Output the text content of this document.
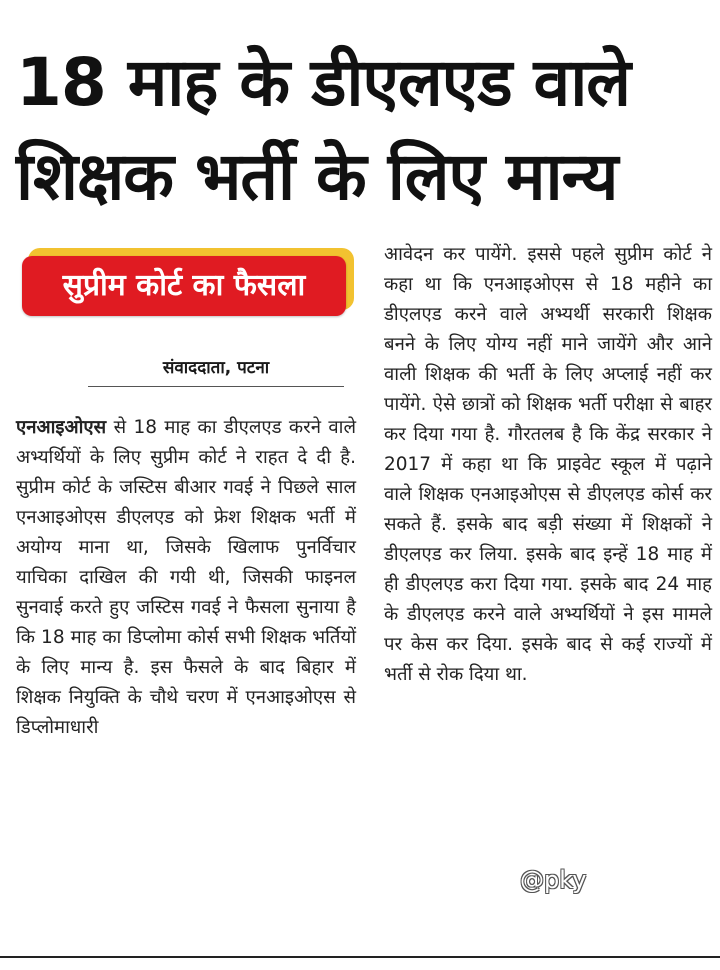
18 माह के डीएलएड वाले
शिक्षक भर्ती के लिए मान्य
सुप्रीम कोर्ट का फैसला
संवाददाता, पटना
एनआइओएस से 18 माह का डीएलएड करने वाले अभ्यर्थियों के लिए सुप्रीम कोर्ट ने राहत दे दी है. सुप्रीम कोर्ट के जस्टिस बीआर गवई ने पिछले साल एनआइओएस डीएलएड को फ्रेश शिक्षक भर्ती में अयोग्य माना था, जिसके खिलाफ पुनर्विचार याचिका दाखिल की गयी थी, जिसकी फाइनल सुनवाई करते हुए जस्टिस गवई ने फैसला सुनाया है कि 18 माह का डिप्लोमा कोर्स सभी शिक्षक भर्तियों के लिए मान्य है. इस फैसले के बाद बिहार में शिक्षक नियुक्ति के चौथे चरण में एनआइओएस से डिप्लोमाधारी
आवेदन कर पायेंगे. इससे पहले सुप्रीम कोर्ट ने कहा था कि एनआइओएस से 18 महीने का डीएलएड करने वाले अभ्यर्थी सरकारी शिक्षक बनने के लिए योग्य नहीं माने जायेंगे और आने वाली शिक्षक की भर्ती के लिए अप्लाई नहीं कर पायेंगे. ऐसे छात्रों को शिक्षक भर्ती परीक्षा से बाहर कर दिया गया है. गौरतलब है कि केंद्र सरकार ने 2017 में कहा था कि प्राइवेट स्कूल में पढ़ाने वाले शिक्षक एनआइओएस से डीएलएड कोर्स कर सकते हैं. इसके बाद बड़ी संख्या में शिक्षकों ने डीएलएड कर लिया. इसके बाद इन्हें 18 माह में ही डीएलएड करा दिया गया. इसके बाद 24 माह के डीएलएड करने वाले अभ्यर्थियों ने इस मामले पर केस कर दिया. इसके बाद से कई राज्यों में भर्ती से रोक दिया था.
@pky
